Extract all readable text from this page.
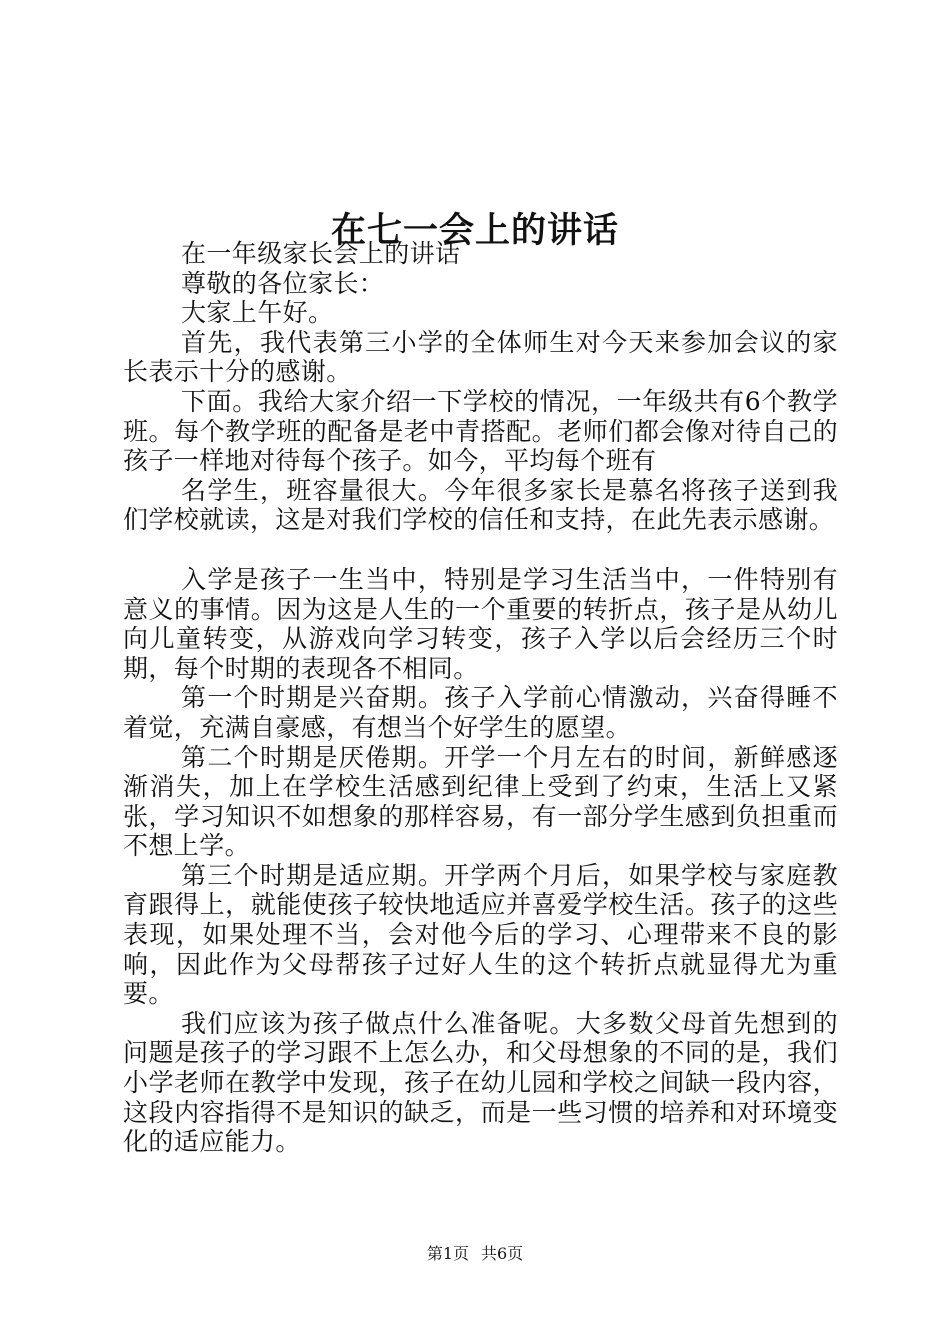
在七一会上的讲话

在一年级家长会上的讲话

尊敬的各位家长：

大家上午好。

首先，我代表第三小学的全体师生对今天来参加会议的家长表示十分的感谢。

下面。我给大家介绍一下学校的情况，一年级共有6个教学班。每个教学班的配备是老中青搭配。老师们都会像对待自己的孩子一样地对待每个孩子。如今，平均每个班有

名学生，班容量很大。今年很多家长是慕名将孩子送到我们学校就读，这是对我们学校的信任和支持，在此先表示感谢。

入学是孩子一生当中，特别是学习生活当中，一件特别有意义的事情。因为这是人生的一个重要的转折点，孩子是从幼儿向儿童转变，从游戏向学习转变，孩子入学以后会经历三个时期，每个时期的表现各不相同。

第一个时期是兴奋期。孩子入学前心情激动，兴奋得睡不着觉，充满自豪感，有想当个好学生的愿望。

第二个时期是厌倦期。开学一个月左右的时间，新鲜感逐渐消失，加上在学校生活感到纪律上受到了约束，生活上又紧张，学习知识不如想象的那样容易，有一部分学生感到负担重而不想上学。

第三个时期是适应期。开学两个月后，如果学校与家庭教育跟得上，就能使孩子较快地适应并喜爱学校生活。孩子的这些表现，如果处理不当，会对他今后的学习、心理带来不良的影响，因此作为父母帮孩子过好人生的这个转折点就显得尤为重要。

我们应该为孩子做点什么准备呢。大多数父母首先想到的问题是孩子的学习跟不上怎么办，和父母想象的不同的是，我们小学老师在教学中发现，孩子在幼儿园和学校之间缺一段内容，这段内容指得不是知识的缺乏，而是一些习惯的培养和对环境变化的适应能力。

第1页 共6页
